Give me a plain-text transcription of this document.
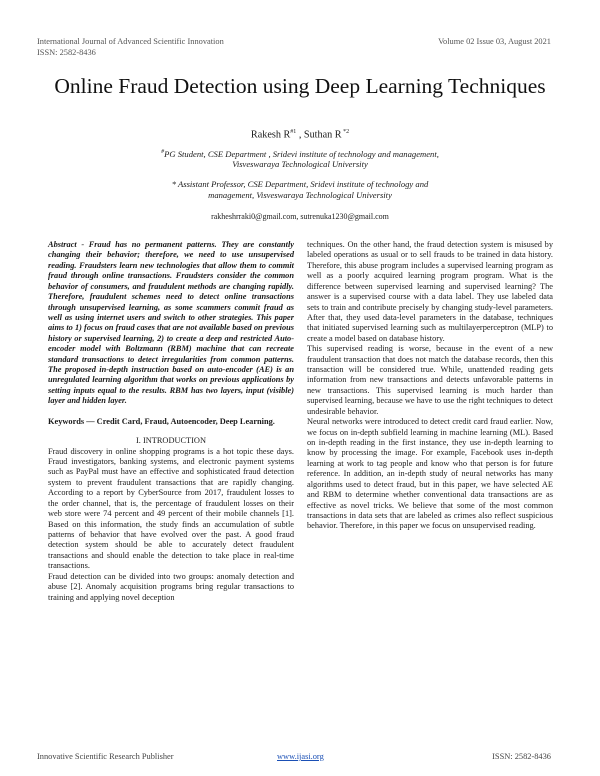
International Journal of Advanced Scientific Innovation
ISSN: 2582-8436
Volume 02 Issue 03, August 2021
Online Fraud Detection using Deep Learning Techniques
Rakesh $R^{\#1}$ , Suthan R $^{*2}$
#PG Student, CSE Department , Sridevi institute of technology and management, Visveswaraya Technological University
* Assistant Professor, CSE Department, Sridevi institute of technology and management, Visveswaraya Technological University
rakheshrraki0@gmail.com, sutrenuka1230@gmail.com

Abstract - Fraud has no permanent patterns. They are constantly changing their behavior; therefore, we need to use unsupervised reading. Fraudsters learn new technologies that allow them to commit fraud through online transactions. Fraudsters consider the common behavior of consumers, and fraudulent methods are changing rapidly. Therefore, fraudulent schemes need to detect online transactions through unsupervised learning, as some scammers commit fraud as well as using internet users and switch to other strategies. This paper aims to 1) focus on fraud cases that are not available based on previous history or supervised learning, 2) to create a deep and restricted Auto-encoder model with Boltzmann (RBM) machine that can recreate standard transactions to detect irregularities from common patterns. The proposed in-depth instruction based on auto-encoder (AE) is an unregulated learning algorithm that works on previous applications by setting inputs equal to the results. RBM has two layers, input (visible) layer and hidden layer.

Keywords — Credit Card, Fraud, Autoencoder, Deep Learning.

I. INTRODUCTION

Fraud discovery in online shopping programs is a hot topic these days. Fraud investigators, banking systems, and electronic payment systems such as PayPal must have an effective and sophisticated fraud detection system to prevent fraudulent transactions that are rapidly changing. According to a report by CyberSource from 2017, fraudulent losses to the order channel, that is, the percentage of fraudulent losses on their web store were 74 percent and 49 percent of their mobile channels [1]. Based on this information, the study finds an accumulation of subtle patterns of behavior that have evolved over the past. A good fraud detection system should be able to accurately detect fraudulent transactions and should enable the detection to take place in real-time transactions.

Fraud detection can be divided into two groups: anomaly detection and abuse [2]. Anomaly acquisition programs bring regular transactions to training and applying novel deception

techniques. On the other hand, the fraud detection system is misused by labeled operations as usual or to sell frauds to be trained in data history. Therefore, this abuse program includes a supervised learning program as well as a poorly acquired learning program program. What is the difference between supervised learning and supervised learning? The answer is a supervised course with a data label. They use labeled data sets to train and contribute precisely by changing study-level parameters. After that, they used data-level parameters in the database, techniques that initiated supervised learning such as multilayerperceptron (MLP) to create a model based on database history.

This supervised reading is worse, because in the event of a new fraudulent transaction that does not match the database records, then this transaction will be considered true. While, unattended reading gets information from new transactions and detects unfavorable patterns in new transactions. This supervised learning is much harder than supervised learning, because we have to use the right techniques to detect undesirable behavior.

Neural networks were introduced to detect credit card fraud earlier. Now, we focus on in-depth subfield learning in machine learning (ML). Based on in-depth reading in the first instance, they use in-depth learning to know by processing the image. For example, Facebook uses in-depth learning at work to tag people and know who that person is for future reference. In addition, an in-depth study of neural networks has many algorithms used to detect fraud, but in this paper, we have selected AE and RBM to determine whether conventional data transactions are as effective as novel tricks. We believe that some of the most common transactions in data sets that are labeled as crimes also reflect suspicious behavior. Therefore, in this paper we focus on unsupervised reading.

Innovative Scientific Research Publisher	www.ijasi.org	ISSN: 2582-8436
